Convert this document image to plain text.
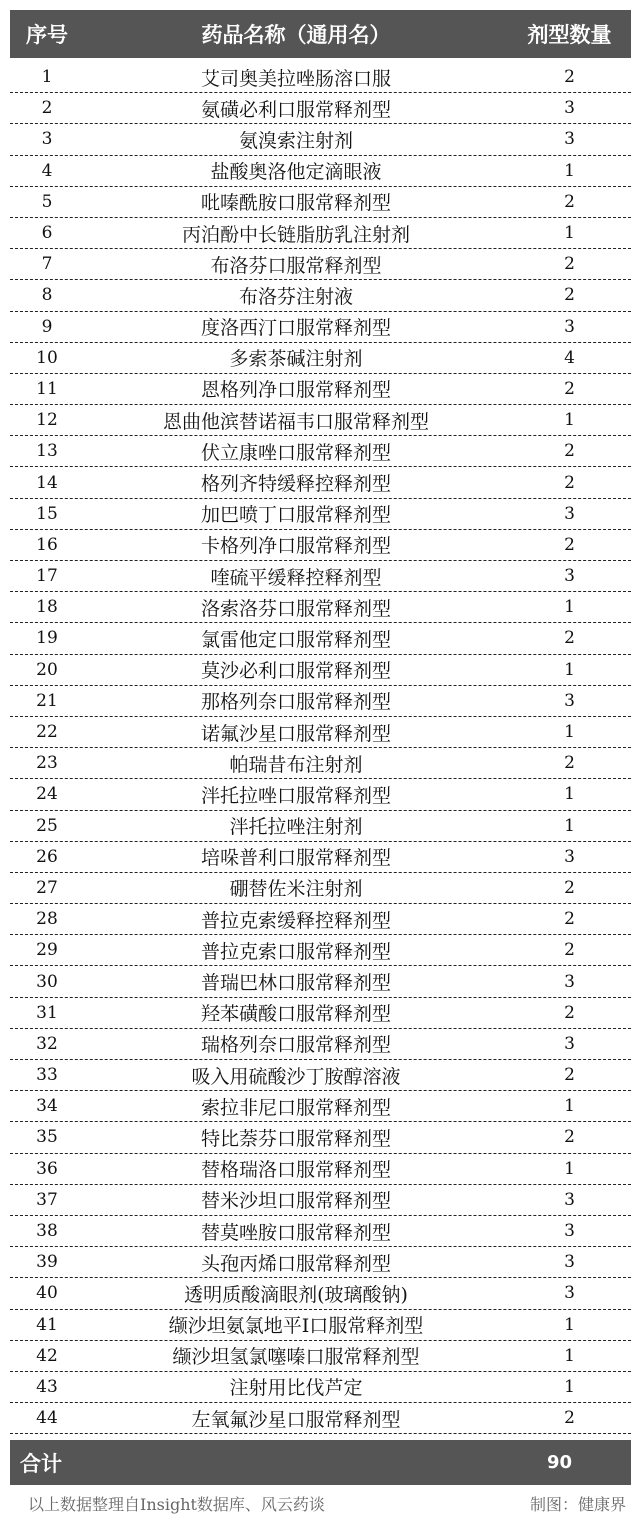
序号	药品名称（通用名）	剂型数量
1	艾司奥美拉唑肠溶口服	2
2	氨磺必利口服常释剂型	3
3	氨溴索注射剂	3
4	盐酸奥洛他定滴眼液	1
5	吡嗪酰胺口服常释剂型	2
6	丙泊酚中长链脂肪乳注射剂	1
7	布洛芬口服常释剂型	2
8	布洛芬注射液	2
9	度洛西汀口服常释剂型	3
10	多索茶碱注射剂	4
11	恩格列净口服常释剂型	2
12	恩曲他滨替诺福韦口服常释剂型	1
13	伏立康唑口服常释剂型	2
14	格列齐特缓释控释剂型	2
15	加巴喷丁口服常释剂型	3
16	卡格列净口服常释剂型	2
17	喹硫平缓释控释剂型	3
18	洛索洛芬口服常释剂型	1
19	氯雷他定口服常释剂型	2
20	莫沙必利口服常释剂型	1
21	那格列奈口服常释剂型	3
22	诺氟沙星口服常释剂型	1
23	帕瑞昔布注射剂	2
24	泮托拉唑口服常释剂型	1
25	泮托拉唑注射剂	1
26	培哚普利口服常释剂型	3
27	硼替佐米注射剂	2
28	普拉克索缓释控释剂型	2
29	普拉克索口服常释剂型	2
30	普瑞巴林口服常释剂型	3
31	羟苯磺酸口服常释剂型	2
32	瑞格列奈口服常释剂型	3
33	吸入用硫酸沙丁胺醇溶液	2
34	索拉非尼口服常释剂型	1
35	特比萘芬口服常释剂型	2
36	替格瑞洛口服常释剂型	1
37	替米沙坦口服常释剂型	3
38	替莫唑胺口服常释剂型	3
39	头孢丙烯口服常释剂型	3
40	透明质酸滴眼剂(玻璃酸钠)	3
41	缬沙坦氨氯地平I口服常释剂型	1
42	缬沙坦氢氯噻嗪口服常释剂型	1
43	注射用比伐芦定	1
44	左氧氟沙星口服常释剂型	2
合计	90
以上数据整理自Insight数据库、风云药谈	制图：健康界
